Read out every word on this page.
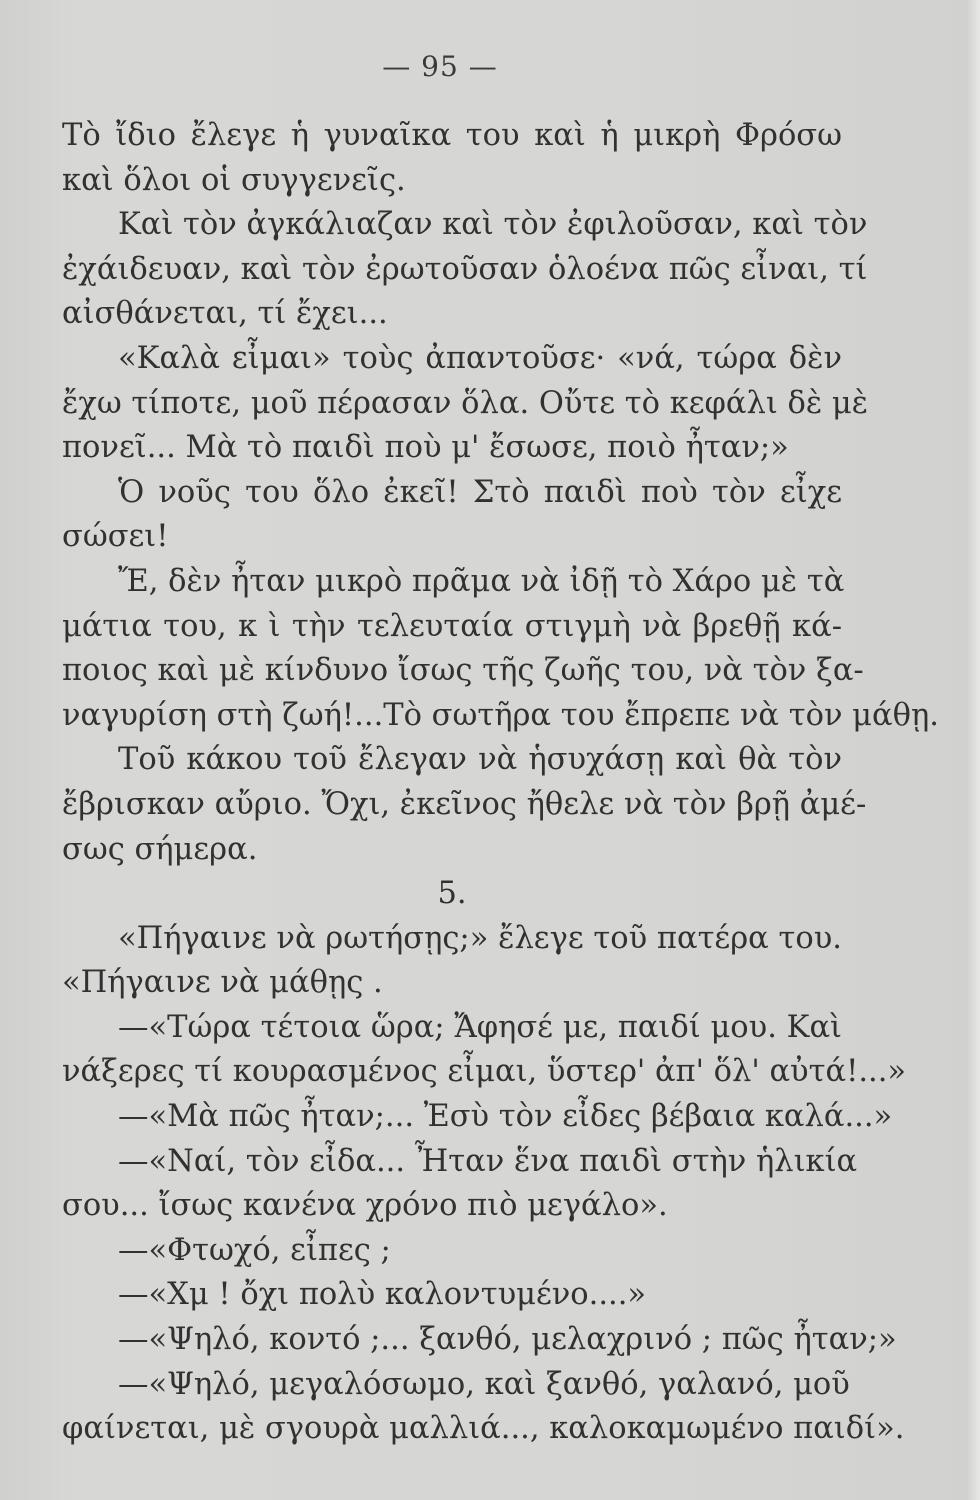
— 95 —
Τὸ ἴδιο ἔλεγε ἡ γυναῖκα του καὶ ἡ μικρὴ Φρόσω
καὶ ὅλοι οἱ συγγενεῖς.
Καὶ τὸν ἀγκάλιαζαν καὶ τὸν ἐφιλοῦσαν, καὶ τὸν
ἐχάιδευαν, καὶ τὸν ἐρωτοῦσαν ὁλοένα πῶς εἶναι, τί
αἰσθάνεται, τί ἔχει...
«Καλὰ εἶμαι» τοὺς ἀπαντοῦσε· «νά, τώρα δὲν
ἔχω τίποτε, μοῦ πέρασαν ὅλα. Οὔτε τὸ κεφάλι δὲ μὲ
πονεῖ... Μὰ τὸ παιδὶ ποὺ μ' ἔσωσε, ποιὸ ἦταν;»
Ὁ νοῦς του ὅλο ἐκεῖ! Στὸ παιδὶ ποὺ τὸν εἶχε
σώσει!
Ἔ, δὲν ἦταν μικρὸ πρᾶμα νὰ ἰδῇ τὸ Χάρο μὲ τὰ
μάτια του, κ ὶ τὴν τελευταία στιγμὴ νὰ βρεθῇ κά-
ποιος καὶ μὲ κίνδυνο ἴσως τῆς ζωῆς του, νὰ τὸν ξα-
ναγυρίση στὴ ζωή!...Τὸ σωτῆρα του ἔπρεπε νὰ τὸν μάθῃ.
Τοῦ κάκου τοῦ ἔλεγαν νὰ ἡσυχάσῃ καὶ θὰ τὸν
ἔβρισκαν αὔριο. Ὄχι, ἐκεῖνος ἤθελε νὰ τὸν βρῇ ἀμέ-
σως σήμερα.
5.
«Πήγαινε νὰ ρωτήσῃς;» ἔλεγε τοῦ πατέρα του.
«Πήγαινε νὰ μάθῃς .
—«Τώρα τέτοια ὥρα; Ἄφησέ με, παιδί μου. Καὶ
νάξερες τί κουρασμένος εἶμαι, ὕστερ' ἀπ' ὅλ' αὐτά!...»
—«Μὰ πῶς ἦταν;... Ἐσὺ τὸν εἶδες βέβαια καλά...»
—«Ναί, τὸν εἶδα... Ἦταν ἕνα παιδὶ στὴν ἡλικία
σου... ἴσως κανένα χρόνο πιὸ μεγάλο».
—«Φτωχό, εἶπες ;
—«Χμ ! ὄχι πολὺ καλοντυμένο....»
—«Ψηλό, κοντό ;... ξανθό, μελαχρινό ; πῶς ἦταν;»
—«Ψηλό, μεγαλόσωμο, καὶ ξανθό, γαλανό, μοῦ
φαίνεται, μὲ σγουρὰ μαλλιά..., καλοκαμωμένο παιδί».
